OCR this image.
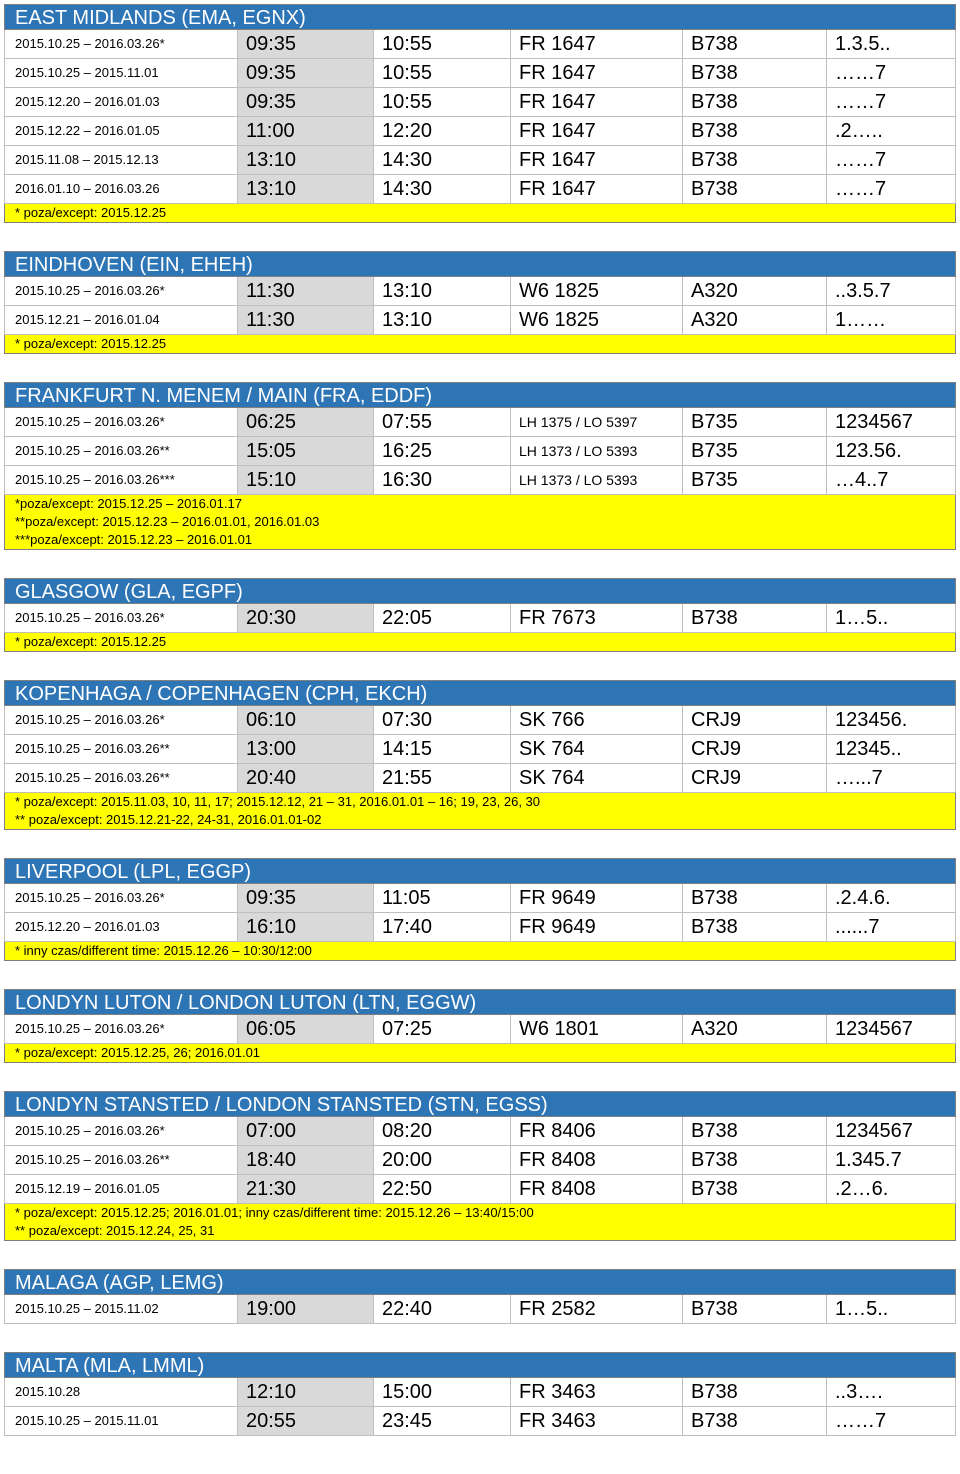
EAST MIDLANDS (EMA, EGNX)
2015.10.25 – 2016.03.26*	09:35	10:55	FR 1647	B738	1.3.5..
2015.10.25 – 2015.11.01	09:35	10:55	FR 1647	B738	……7
2015.12.20 – 2016.01.03	09:35	10:55	FR 1647	B738	……7
2015.12.22 – 2016.01.05	11:00	12:20	FR 1647	B738	.2…..
2015.11.08 – 2015.12.13	13:10	14:30	FR 1647	B738	……7
2016.01.10 – 2016.03.26	13:10	14:30	FR 1647	B738	……7
* poza/except: 2015.12.25
EINDHOVEN (EIN, EHEH)
2015.10.25 – 2016.03.26*	11:30	13:10	W6 1825	A320	..3.5.7
2015.12.21 – 2016.01.04	11:30	13:10	W6 1825	A320	1……
* poza/except: 2015.12.25
FRANKFURT N. MENEM / MAIN (FRA, EDDF)
2015.10.25 – 2016.03.26*	06:25	07:55	LH 1375 / LO 5397	B735	1234567
2015.10.25 – 2016.03.26**	15:05	16:25	LH 1373 / LO 5393	B735	123.56.
2015.10.25 – 2016.03.26***	15:10	16:30	LH 1373 / LO 5393	B735	…4..7
*poza/except: 2015.12.25 – 2016.01.17
**poza/except: 2015.12.23 – 2016.01.01, 2016.01.03
***poza/except: 2015.12.23 – 2016.01.01
GLASGOW (GLA, EGPF)
2015.10.25 – 2016.03.26*	20:30	22:05	FR 7673	B738	1…5..
* poza/except: 2015.12.25
KOPENHAGA / COPENHAGEN (CPH, EKCH)
2015.10.25 – 2016.03.26*	06:10	07:30	SK 766	CRJ9	123456.
2015.10.25 – 2016.03.26**	13:00	14:15	SK 764	CRJ9	12345..
2015.10.25 – 2016.03.26**	20:40	21:55	SK 764	CRJ9	…...7
* poza/except: 2015.11.03, 10, 11, 17; 2015.12.12, 21 – 31, 2016.01.01 – 16; 19, 23, 26, 30
** poza/except: 2015.12.21-22, 24-31, 2016.01.01-02
LIVERPOOL (LPL, EGGP)
2015.10.25 – 2016.03.26*	09:35	11:05	FR 9649	B738	.2.4.6.
2015.12.20 – 2016.01.03	16:10	17:40	FR 9649	B738	......7
* inny czas/different time: 2015.12.26 – 10:30/12:00
LONDYN LUTON / LONDON LUTON (LTN, EGGW)
2015.10.25 – 2016.03.26*	06:05	07:25	W6 1801	A320	1234567
* poza/except: 2015.12.25, 26; 2016.01.01
LONDYN STANSTED / LONDON STANSTED (STN, EGSS)
2015.10.25 – 2016.03.26*	07:00	08:20	FR 8406	B738	1234567
2015.10.25 – 2016.03.26**	18:40	20:00	FR 8408	B738	1.345.7
2015.12.19 – 2016.01.05	21:30	22:50	FR 8408	B738	.2…6.
* poza/except: 2015.12.25; 2016.01.01; inny czas/different time: 2015.12.26 – 13:40/15:00
** poza/except: 2015.12.24, 25, 31
MALAGA (AGP, LEMG)
2015.10.25 – 2015.11.02	19:00	22:40	FR 2582	B738	1…5..
MALTA (MLA, LMML)
2015.10.28	12:10	15:00	FR 3463	B738	..3….
2015.10.25 – 2015.11.01	20:55	23:45	FR 3463	B738	……7
